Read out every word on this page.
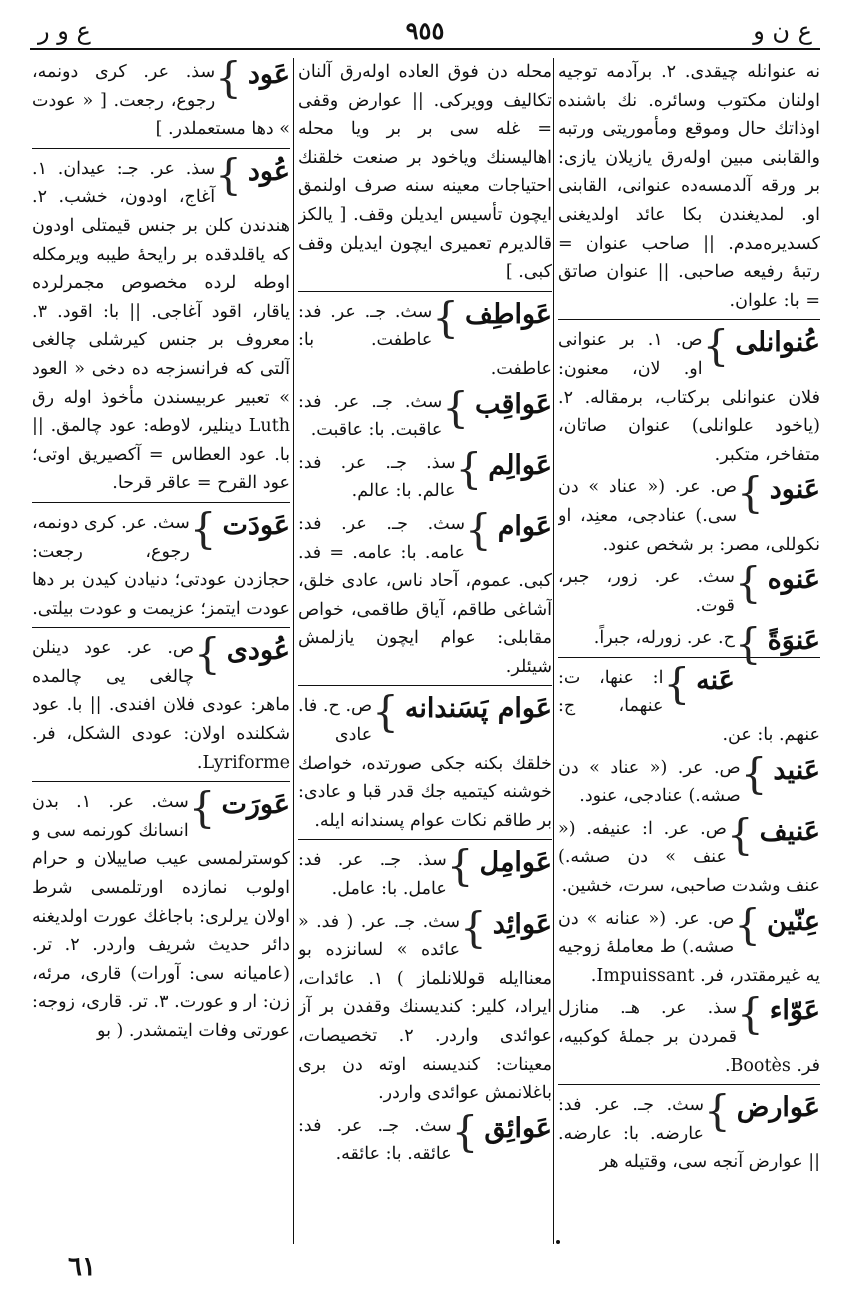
ع ن و
٩٥٥
ع و ر
نه عنوانله چیقدی. ۲. برآدمه توجیه اولنان مکتوب وسائره. نك باشنده اوذاتك حال وموقع ومأموریتی ورتبه والقابنی مبین اولەرق یازیلان یازی: بر ورقه آلدمسەدە عنوانی، القابنی او. لمدیغندن بکا عائد اولدیغنی کسدیرەمدم. || صاحب عنوان = رتبهٔ رفیعه صاحبی. || عنوان صاتق = با: علوان.
عُنوانلی
}
ص. ۱. بر عنوانی او. لان، معنون: فلان عنوانلی برکتاب، برمقاله. ۲. (یاخود علوانلی) عنوان صاتان، متفاخر، متکبر.
عَنود
}
ص. عر. (« عناد » دن سی.) عنادجی، معنِد، او نکوللی، مصر: بر شخص عنود.
عَنوه
}
سث. عر. زور، جبر، قوت.
عَنوَةً
}
ح. عر. زورله، جبراً.
عَنه
}
ا: عنها، ت: عنهما، ج: عنهم. با: عن.
عَنید
}
ص. عر. (« عناد » دن صشه.) عنادجی، عنود.
عَنیف
}
ص. عر. ا: عنیفه. (« عنف » دن صشه.) عنف وشدت صاحبی، سرت، خشین.
عِنّین
}
ص. عر. (« عنانه » دن صشه.) ط معاملهٔ زوجیه یه غیرمقتدر، فر. Impuissant.
عَوّاء
}
سذ. عر. هـ. منازل قمردن بر جملهٔ کوکبیه، فر. Bootès.
عَوارض
}
سث. جـ. عر. فد: عارضه. با: عارضه. || عوارض آنجه سی، وقتیله هر
محله دن فوق العاده اولەرق آلنان تکالیف وویرکی. || عوارض وقفی = غله سی بر بر ویا محله اهالیسنك ویاخود بر صنعت خلقنك احتیاجات معینه سنه صرف اولنمق ایچون تأسیس ایدیلن وقف. [ یالکز قالدیرم تعمیری ایچون ایدیلن وقف کبی. ]
عَواطِف
}
سث. جـ. عر. فد: عاطفت. با: عاطفت.
عَواقِب
}
سث. جـ. عر. فد: عاقبت. با: عاقبت.
عَوالِم
}
سذ. جـ. عر. فد: عالم. با: عالم.
عَوام
}
سث. جـ. عر. فد: عامه. با: عامه. = فد. کبی. عموم، آحاد ناس، عادی خلق، آشاغی طاقم، آیاق طاقمی، خواص مقابلی: عوام ایچون یازلمش شیئلر.
عَوام پَسَندانه
}
ص. ح. فا. عادی خلقك بکنه جکی صورتده، خواصك خوشنه کیتمیه جك قدر قبا و عادی: بر طاقم نکات عوام پسندانه ایله.
عَوامِل
}
سذ. جـ. عر. فد: عامل. با: عامل.
عَوائِد
}
سث. جـ. عر. ( فد. « عائده » لسانزده بو معناایله قوللانلماز ) ۱. عائدات، ایراد، کلیر: کندیسنك وقفدن بر آز عوائدی واردر. ۲. تخصیصات، معینات: کندیسنه اوته دن بری باغلانمش عوائدی واردر.
عَوائِق
}
سث. جـ. عر. فد: عائقه. با: عائقه.
عَود
}
سذ. عر. کری دونمه، رجوع، رجعت. [ « عودت » دها مستعملدر. ]
عُود
}
سذ. عر. جـ: عیدان. ۱. آغاج، اودون، خشب. ۲. هندندن کلن بر جنس قیمتلی اودون که یاقلدقده بر رایحهٔ طیبه ویرمکله اوطه لرده مخصوص مجمرلرده یاقار، اقود آغاجی. || با: اقود. ۳. معروف بر جنس کیرشلی چالغی آلتی که فرانسزجه ده دخی « العود » تعبیر عربیسندن مأخوذ اوله رق Luth دینلیر، لاوطه: عود چالمق. || با. عود العطاس = آکصیریق اوتی؛ عود القرح = عاقر قرحا.
عَودَت
}
سث. عر. کری دونمه، رجوع، رجعت: حجازدن عودتی؛ دنیادن کیدن بر دها عودت ایتمز؛ عزیمت و عودت بیلتی.
عُودی
}
ص. عر. عود دینلن چالغی یی چالمده ماهر: عودی فلان افندی. || با. عود شکلنده اولان: عودی الشکل، فر. Lyriforme.
عَورَت
}
سث. عر. ۱. بدن انسانك کورنمه سی و کوسترلمسی عیب صاییلان و حرام اولوب نمازده اورتلمسی شرط اولان یرلری: باجاغك عورت اولدیغنه دائر حدیث شریف واردر. ۲. تر. (عامیانه سی: آورات) قاری، مرئه، زن: ار و عورت. ۳. تر. قاری، زوجه: عورتی وفات ایتمشدر. ( بو
٦١
